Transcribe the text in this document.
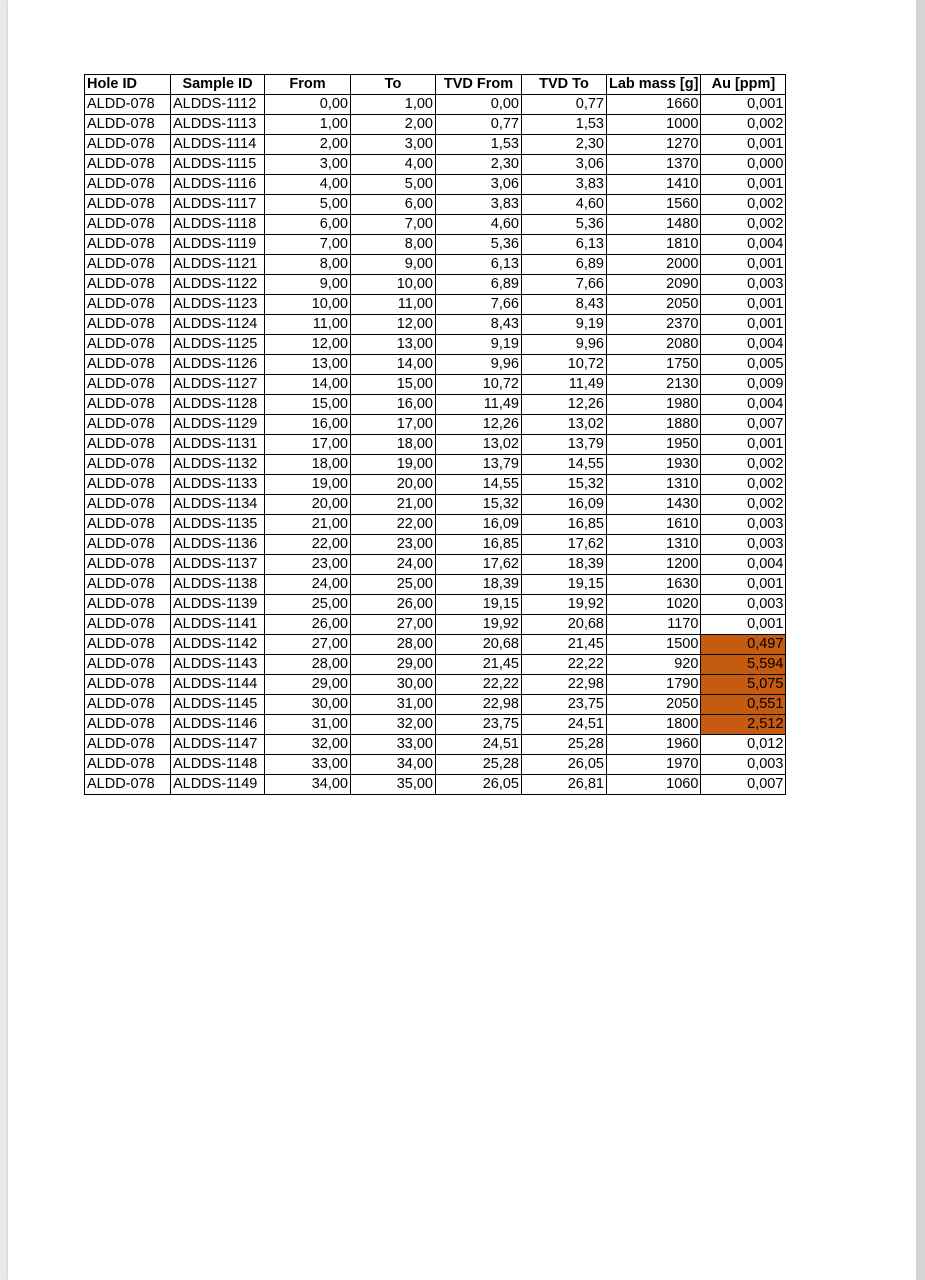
Hole ID	Sample ID	From	To	TVD From	TVD To	Lab mass [g]	Au [ppm]
ALDD-078	ALDDS-1112	0,00	1,00	0,00	0,77	1660	0,001
ALDD-078	ALDDS-1113	1,00	2,00	0,77	1,53	1000	0,002
ALDD-078	ALDDS-1114	2,00	3,00	1,53	2,30	1270	0,001
ALDD-078	ALDDS-1115	3,00	4,00	2,30	3,06	1370	0,000
ALDD-078	ALDDS-1116	4,00	5,00	3,06	3,83	1410	0,001
ALDD-078	ALDDS-1117	5,00	6,00	3,83	4,60	1560	0,002
ALDD-078	ALDDS-1118	6,00	7,00	4,60	5,36	1480	0,002
ALDD-078	ALDDS-1119	7,00	8,00	5,36	6,13	1810	0,004
ALDD-078	ALDDS-1121	8,00	9,00	6,13	6,89	2000	0,001
ALDD-078	ALDDS-1122	9,00	10,00	6,89	7,66	2090	0,003
ALDD-078	ALDDS-1123	10,00	11,00	7,66	8,43	2050	0,001
ALDD-078	ALDDS-1124	11,00	12,00	8,43	9,19	2370	0,001
ALDD-078	ALDDS-1125	12,00	13,00	9,19	9,96	2080	0,004
ALDD-078	ALDDS-1126	13,00	14,00	9,96	10,72	1750	0,005
ALDD-078	ALDDS-1127	14,00	15,00	10,72	11,49	2130	0,009
ALDD-078	ALDDS-1128	15,00	16,00	11,49	12,26	1980	0,004
ALDD-078	ALDDS-1129	16,00	17,00	12,26	13,02	1880	0,007
ALDD-078	ALDDS-1131	17,00	18,00	13,02	13,79	1950	0,001
ALDD-078	ALDDS-1132	18,00	19,00	13,79	14,55	1930	0,002
ALDD-078	ALDDS-1133	19,00	20,00	14,55	15,32	1310	0,002
ALDD-078	ALDDS-1134	20,00	21,00	15,32	16,09	1430	0,002
ALDD-078	ALDDS-1135	21,00	22,00	16,09	16,85	1610	0,003
ALDD-078	ALDDS-1136	22,00	23,00	16,85	17,62	1310	0,003
ALDD-078	ALDDS-1137	23,00	24,00	17,62	18,39	1200	0,004
ALDD-078	ALDDS-1138	24,00	25,00	18,39	19,15	1630	0,001
ALDD-078	ALDDS-1139	25,00	26,00	19,15	19,92	1020	0,003
ALDD-078	ALDDS-1141	26,00	27,00	19,92	20,68	1170	0,001
ALDD-078	ALDDS-1142	27,00	28,00	20,68	21,45	1500	0,497
ALDD-078	ALDDS-1143	28,00	29,00	21,45	22,22	920	5,594
ALDD-078	ALDDS-1144	29,00	30,00	22,22	22,98	1790	5,075
ALDD-078	ALDDS-1145	30,00	31,00	22,98	23,75	2050	0,551
ALDD-078	ALDDS-1146	31,00	32,00	23,75	24,51	1800	2,512
ALDD-078	ALDDS-1147	32,00	33,00	24,51	25,28	1960	0,012
ALDD-078	ALDDS-1148	33,00	34,00	25,28	26,05	1970	0,003
ALDD-078	ALDDS-1149	34,00	35,00	26,05	26,81	1060	0,007
